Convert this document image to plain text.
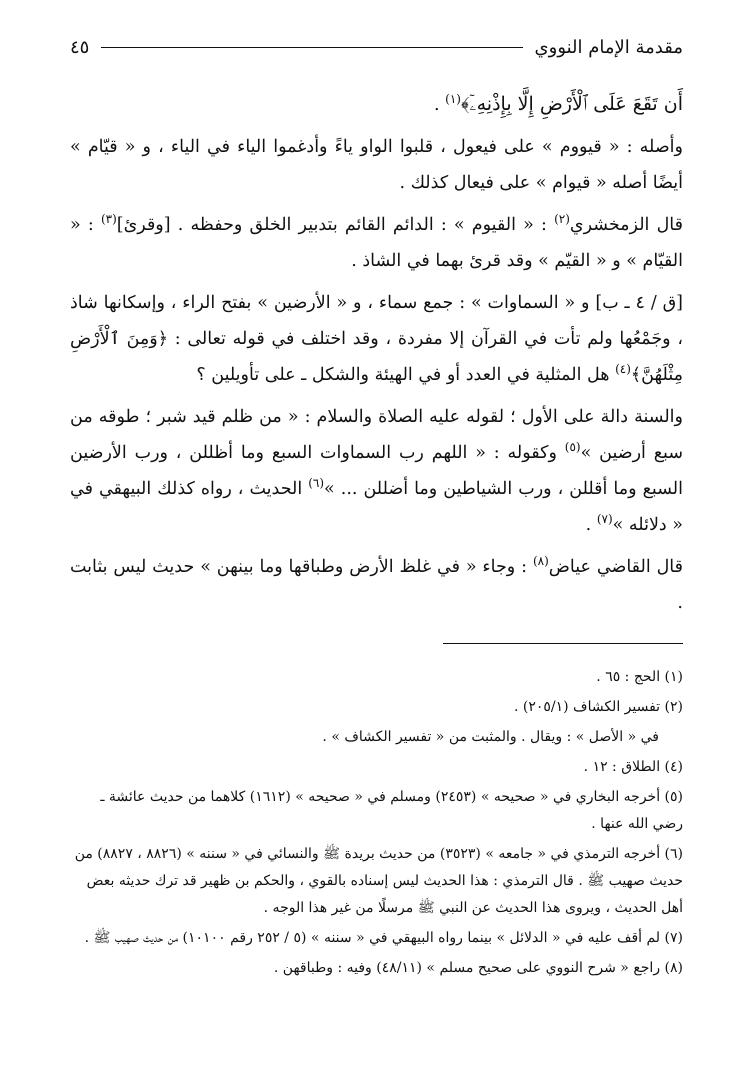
مقدمة الإمام النووي
٤٥

أَن تَقَعَ عَلَى ٱلْأَرْضِ إِلَّا بِإِذْنِهِۦٓ﴾$^{(١)}$ .

وأصله : « قيووم » على فيعول ، قلبوا الواو ياءً وأدغموا الياء في الياء ، و « قيّام » أيضًا أصله « قيوام » على فيعال كذلك .

قال الزمخشري$^{(٢)}$ : « القيوم » : الدائم القائم بتدبير الخلق وحفظه . [وقرئ]$^{(٣)}$ : « القيّام » و « القيّم » وقد قرئ بهما في الشاذ .

[ق / ٤ ـ ب] و « السماوات » : جمع سماء ، و « الأرضين » بفتح الراء ، وإسكانها شاذ ، وجَمْعُها ولم تأت في القرآن إلا مفردة ، وقد اختلف في قوله تعالى : ﴿وَمِنَ ٱلْأَرْضِ مِثْلَهُنَّ﴾$^{(٤)}$ هل المثلية في العدد أو في الهيئة والشكل ـ على تأويلين ؟

والسنة دالة على الأول ؛ لقوله عليه الصلاة والسلام : « من ظلم قيد شبر ؛ طوقه من سبع أرضين »$^{(٥)}$ وكقوله : « اللهم رب السماوات السبع وما أظللن ، ورب الأرضين السبع وما أقللن ، ورب الشياطين وما أضللن ... »$^{(٦)}$ الحديث ، رواه كذلك البيهقي في « دلائله »$^{(٧)}$ .

قال القاضي عياض$^{(٨)}$ : وجاء « في غلظ الأرض وطباقها وما بينهن » حديث ليس بثابت .

(١) الحج : ٦٥ .

(٢) تفسير الكشاف (٢٠٥/١) .

في « الأصل » : ويقال . والمثبت من « تفسير الكشاف » .

(٤) الطلاق : ١٢ .

(٥) أخرجه البخاري في « صحيحه » (٢٤٥٣) ومسلم في « صحيحه » (١٦١٢) كلاهما من حديث عائشة ـ رضي الله عنها .

(٦) أخرجه الترمذي في « جامعه » (٣٥٢٣) من حديث بريدة ﷺ والنسائي في « سننه » (٨٨٢٦ ، ٨٨٢٧) من حديث صهيب ﷺ . قال الترمذي : هذا الحديث ليس إسناده بالقوي ، والحكم بن ظهير قد ترك حديثه بعض أهل الحديث ، ويروى هذا الحديث عن النبي ﷺ مرسلًا من غير هذا الوجه .

(٧) لم أقف عليه في « الدلائل » بينما رواه البيهقي في « سننه » (٥ / ٢٥٢ رقم ١٠١٠٠) من حديث صهيب ﷺ .

(٨) راجع « شرح النووي على صحيح مسلم » (٤٨/١١) وفيه : وطباقهن .
